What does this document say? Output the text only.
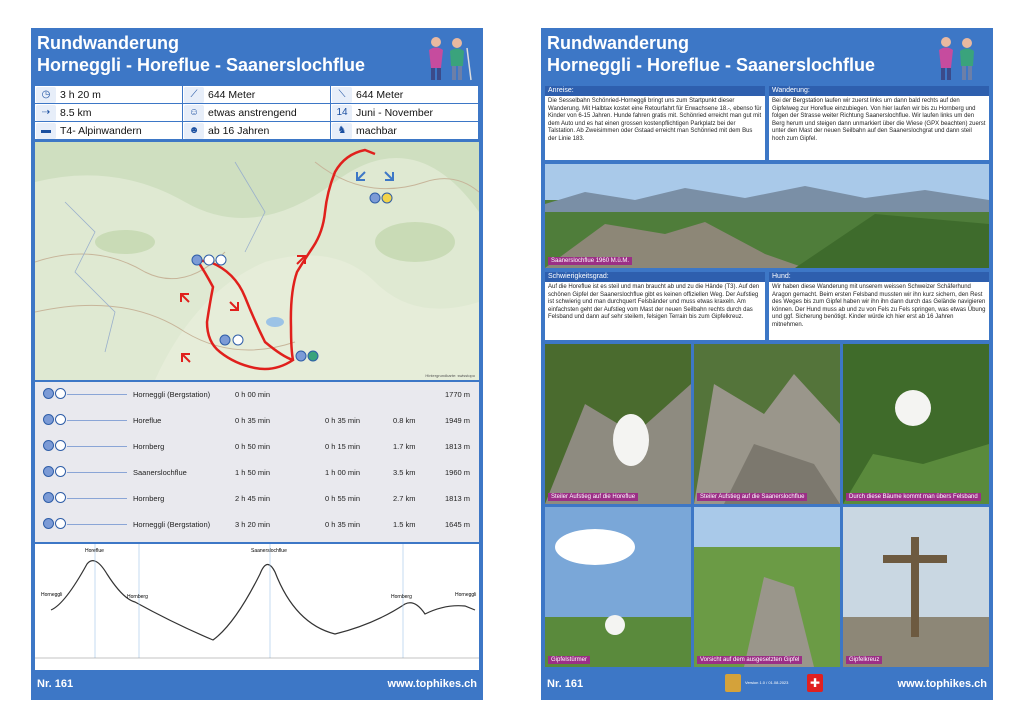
Rundwanderung
Horneggli - Horeflue - Saanerslochflue
◷ 3 h 20 m	⟋	644 Meter	⟍	644 Meter
⇢ 8.5 km	☺ etwas anstrengend	14 Juni - November
▬ T4- Alpinwandern	☻ ab 16 Jahren	♞ machbar
Hintergrundkarte: swisstopo
Horneggli (Bergstation)	0 h 00 min	1770 m
Horeflue	0 h 35 min	0 h 35 min	0.8 km	1949 m
Hornberg	0 h 50 min	0 h 15 min	1.7 km	1813 m
Saanerslochflue	1 h 50 min	1 h 00 min	3.5 km	1960 m
Hornberg	2 h 45 min	0 h 55 min	2.7 km	1813 m
Horneggli (Bergstation)	3 h 20 min	0 h 35 min	1.5 km	1645 m
Horeflue
Hornberg
Saanerslochflue
Hornberg
Horneggli	Horneggli
Nr. 161	www.tophikes.ch
Rundwanderung
Horneggli - Horeflue - Saanerslochflue
Anreise:
Die Sesselbahn Schönried-Horneggli bringt uns zum Startpunkt dieser Wanderung. Mit Halbtax kostet eine Retourfahrt für Erwachsene 18.-, ebenso für Kinder von 6-15 Jahren. Hunde fahren gratis mit. Schönried erreicht man gut mit dem Auto und es hat einen grossen kostenpflichtigen Parkplatz bei der Talstation. Ab Zweisimmen oder Gstaad erreicht man Schönried mit dem Bus der Linie 183.
Wanderung:
Bei der Bergstation laufen wir zuerst links um dann bald rechts auf den Gipfelweg zur Horeflue einzubiegen. Von hier laufen wir bis zu Hornberg und folgen der Strasse weiter Richtung Saanerslochflue. Wir laufen links um den Berg herum und steigen dann unmarkiert über die Wiese (GPX beachten) zuerst unter den Mast der neuen Seilbahn auf den Saanerslochgrat und dann steil hoch zum Gipfel.
Saanerslochflue 1960 M.ü.M.
Schwierigkeitsgrad:
Auf die Horeflue ist es steil und man braucht ab und zu die Hände (T3). Auf den schönen Gipfel der Saanerslochflue gibt es keinen offiziellen Weg. Der Aufstieg ist schwierig und man durchquert Felsbänder und muss etwas kraxeln. Am einfachsten geht der Aufstieg vom Mast der neuen Seilbahn rechts durch das Felsband und dann auf sehr steilem, felsigen Terrain bis zum Gipfelkreuz.
Hund:
Wir haben diese Wanderung mit unserem weissen Schweizer Schäferhund Aragon gemacht. Beim ersten Felsband mussten wir ihn kurz sichern, den Rest des Weges bis zum Gipfel haben wir ihn ihn dann durch das Gelände navigieren können. Der Hund muss ab und zu von Fels zu Fels springen, was etwas Übung und ggf. Sicherung benötigt. Kinder würde ich hier erst ab 16 Jahren mitnehmen.
Steiler Aufstieg auf die Horeflue	Steiler Aufstieg auf die Saanerslochflue	Durch diese Bäume kommt man übers Felsband
Gipfelstürmer	Vorsicht auf dem ausgesetzten Gipfel	Gipfelkreuz
Version 1.0 / 01.08.2023 ✚
Nr. 161	www.tophikes.ch
